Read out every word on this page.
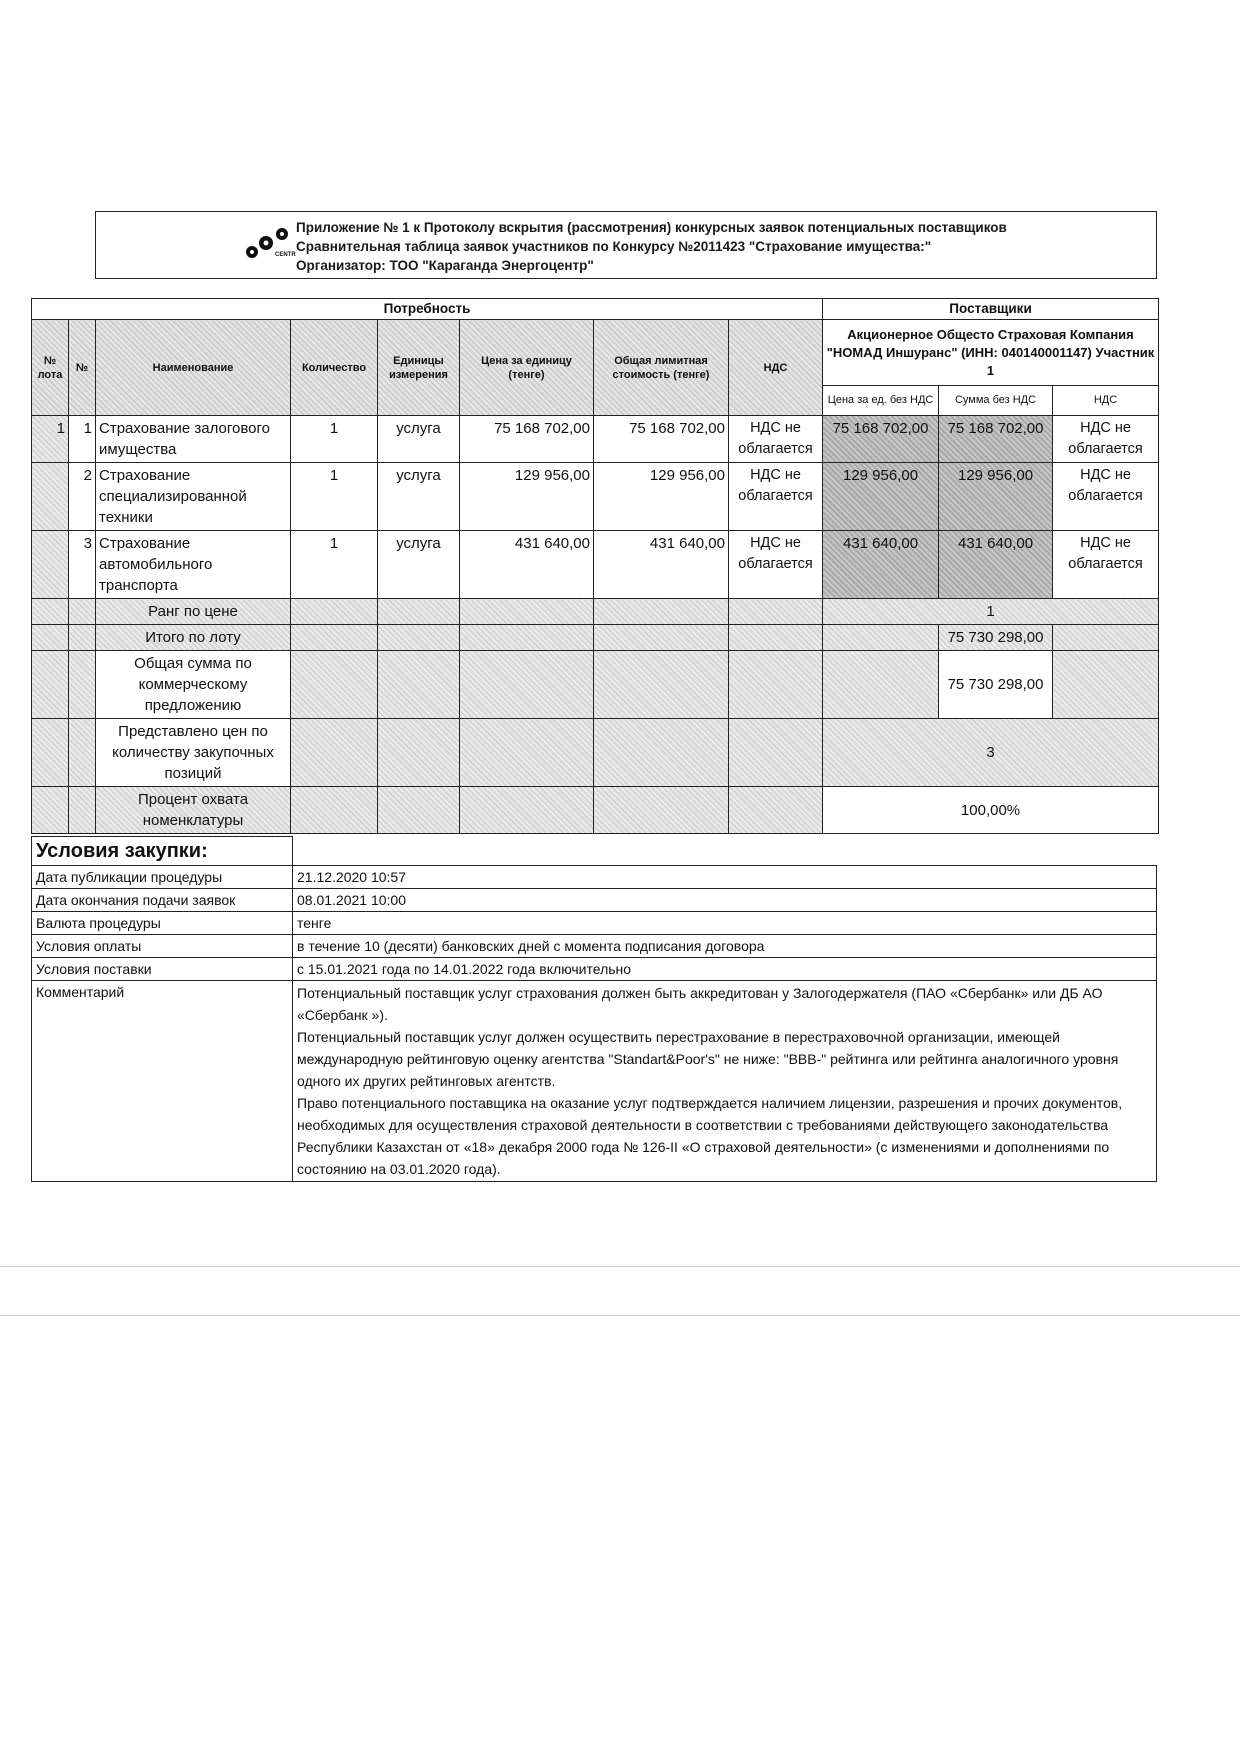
CENTR
Приложение № 1 к Протоколу вскрытия (рассмотрения) конкурсных заявок потенциальных поставщиков
Сравнительная таблица заявок участников по Конкурсу №2011423 "Страхование имущества:"
Организатор: ТОО "Караганда Энергоцентр"
Потребность								Поставщики		
№ лота	№	Наименование	Количество	Единицы измерения	Цена за единицу (тенге)	Общая лимитная стоимость (тенге)	НДС	Акционерное Общесто Страховая Компания "НОМАД Иншуранс" (ИНН: 040140001147) Участник 1		
								Цена за ед. без НДС	Сумма без НДС	НДС
1	1	Страхование залогового имущества	1	услуга	75 168 702,00	75 168 702,00	НДС не облагается	75 168 702,00	75 168 702,00	НДС не облагается
	2	Страхование специализированной техники	1	услуга	129 956,00	129 956,00	НДС не облагается	129 956,00	129 956,00	НДС не облагается
	3	Страхование автомобильного транспорта	1	услуга	431 640,00	431 640,00	НДС не облагается	431 640,00	431 640,00	НДС не облагается
		Ранг по цене						1		
		Итого по лоту							75 730 298,00	
		Общая сумма по коммерческому предложению							75 730 298,00	
		Представлено цен по количеству закупочных позиций						3		
		Процент охвата номенклатуры						100,00%		
Условия закупки:	
Дата публикации процедуры	21.12.2020 10:57
Дата окончания подачи заявок	08.01.2021 10:00
Валюта процедуры	тенге
Условия оплаты	в течение 10 (десяти) банковских дней с момента подписания договора
Условия поставки	с 15.01.2021 года по 14.01.2022 года включительно
Комментарий	Потенциальный поставщик услуг страхования должен быть аккредитован у Залогодержателя (ПАО «Сбербанк» или ДБ АО «Сбербанк »).

Потенциальный поставщик услуг должен осуществить перестрахование в перестраховочной организации, имеющей международную рейтинговую оценку агентства "Standart&Poor's" не ниже: "BBB-" рейтинга или рейтинга аналогичного уровня одного их других рейтинговых агентств.

Право потенциального поставщика на оказание услуг подтверждается наличием лицензии, разрешения и прочих документов, необходимых для осуществления страховой деятельности в соответствии с требованиями действующего законодательства Республики Казахстан от «18» декабря 2000 года № 126-II «О страховой деятельности» (с изменениями и дополнениями по состоянию на 03.01.2020 года).
